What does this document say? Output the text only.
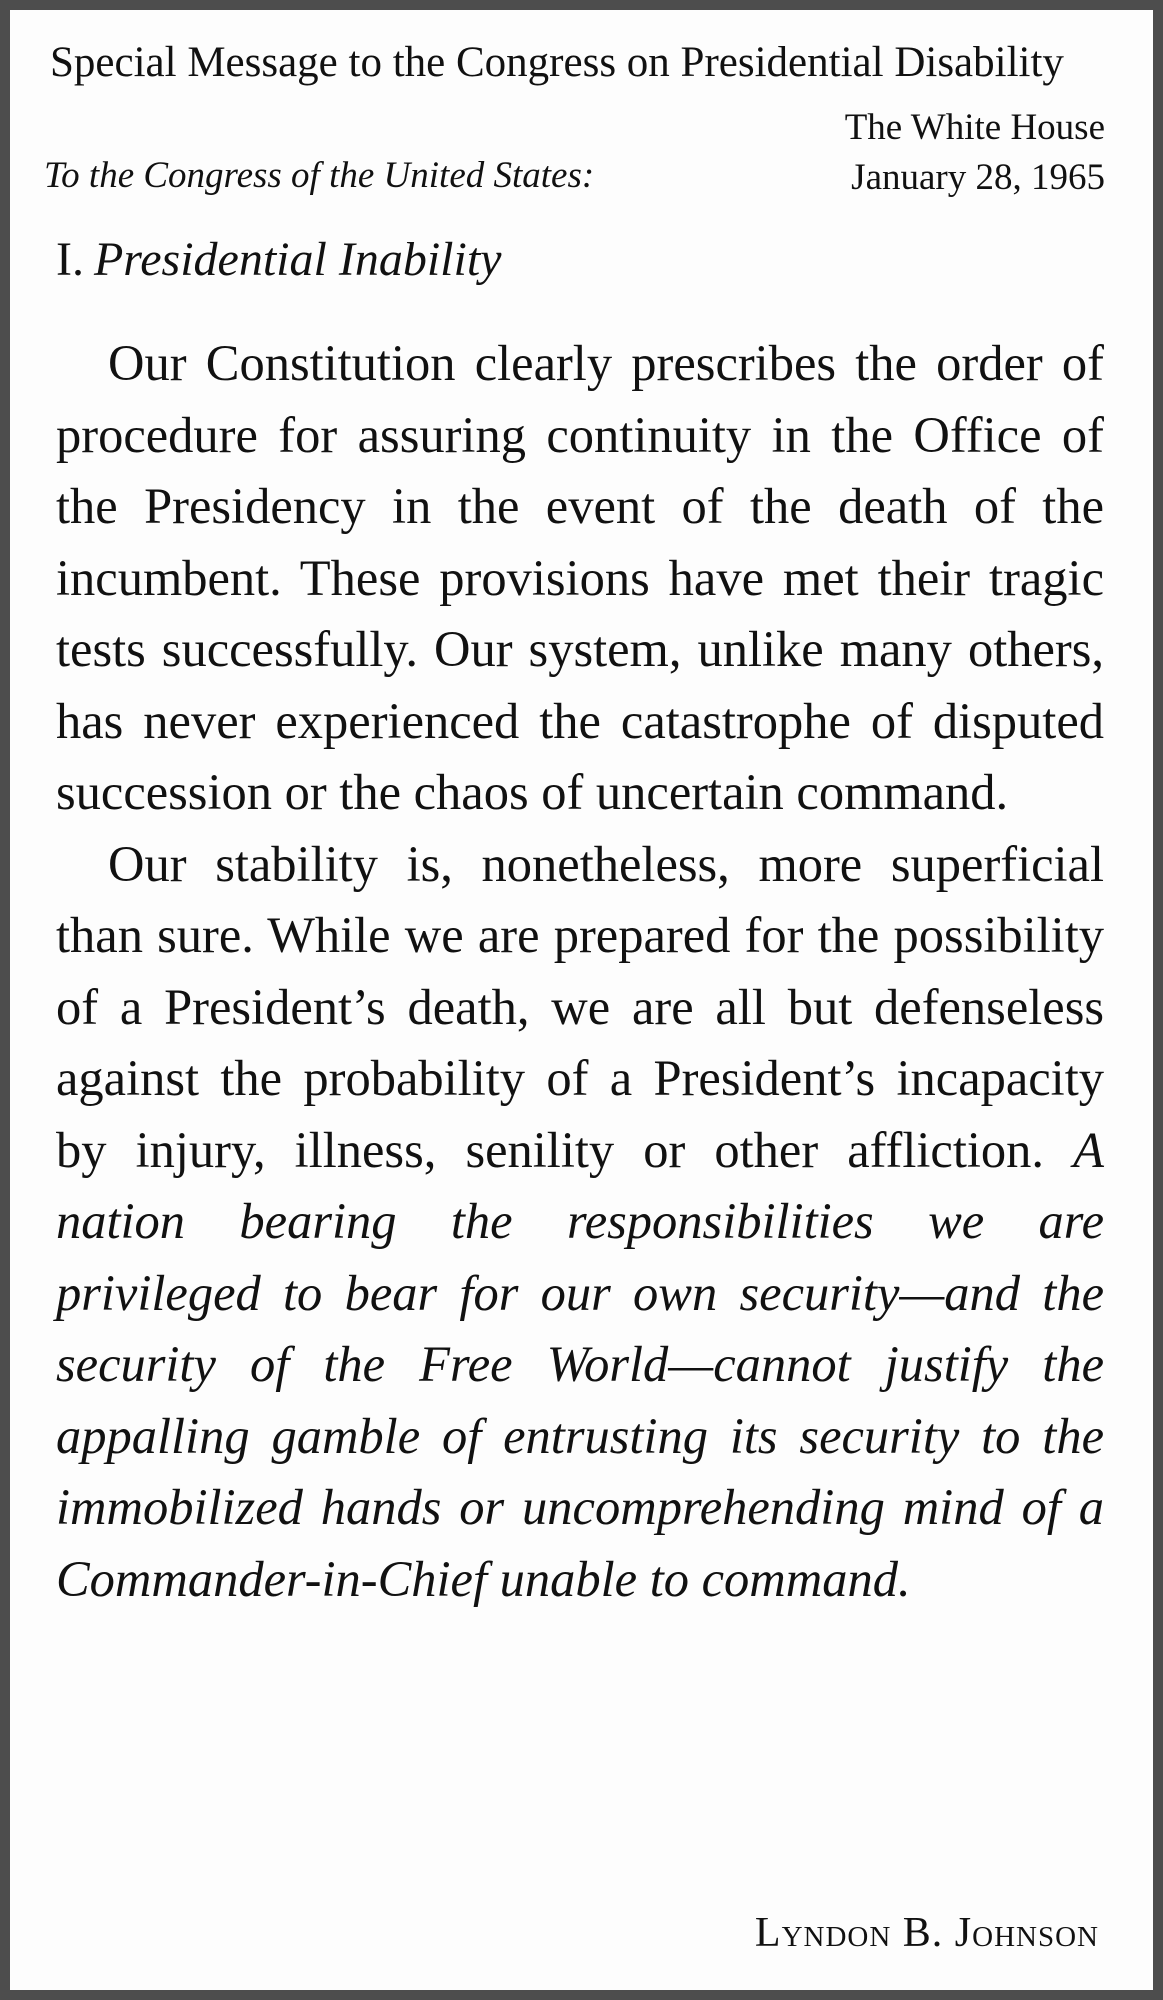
Special Message to the Congress on Presidential Disability
The White House
January 28, 1965
To the Congress of the United States:
I. Presidential Inability

Our Constitution clearly prescribes the order of procedure for assuring continuity in the Office of the Presidency in the event of the death of the incumbent. These provisions have met their tragic tests successfully. Our system, unlike many others, has never experienced the catastrophe of disputed succession or the chaos of uncertain command.

Our stability is, nonetheless, more superficial than sure. While we are prepared for the possibility of a President’s death, we are all but defenseless against the probability of a President’s incapacity by injury, illness, senility or other affliction. A nation bearing the responsibilities we are privileged to bear for our own security—and the security of the Free World—cannot justify the appalling gamble of entrusting its security to the immobilized hands or uncomprehending mind of a Commander-in-Chief unable to command.

Lyndon B. Johnson
